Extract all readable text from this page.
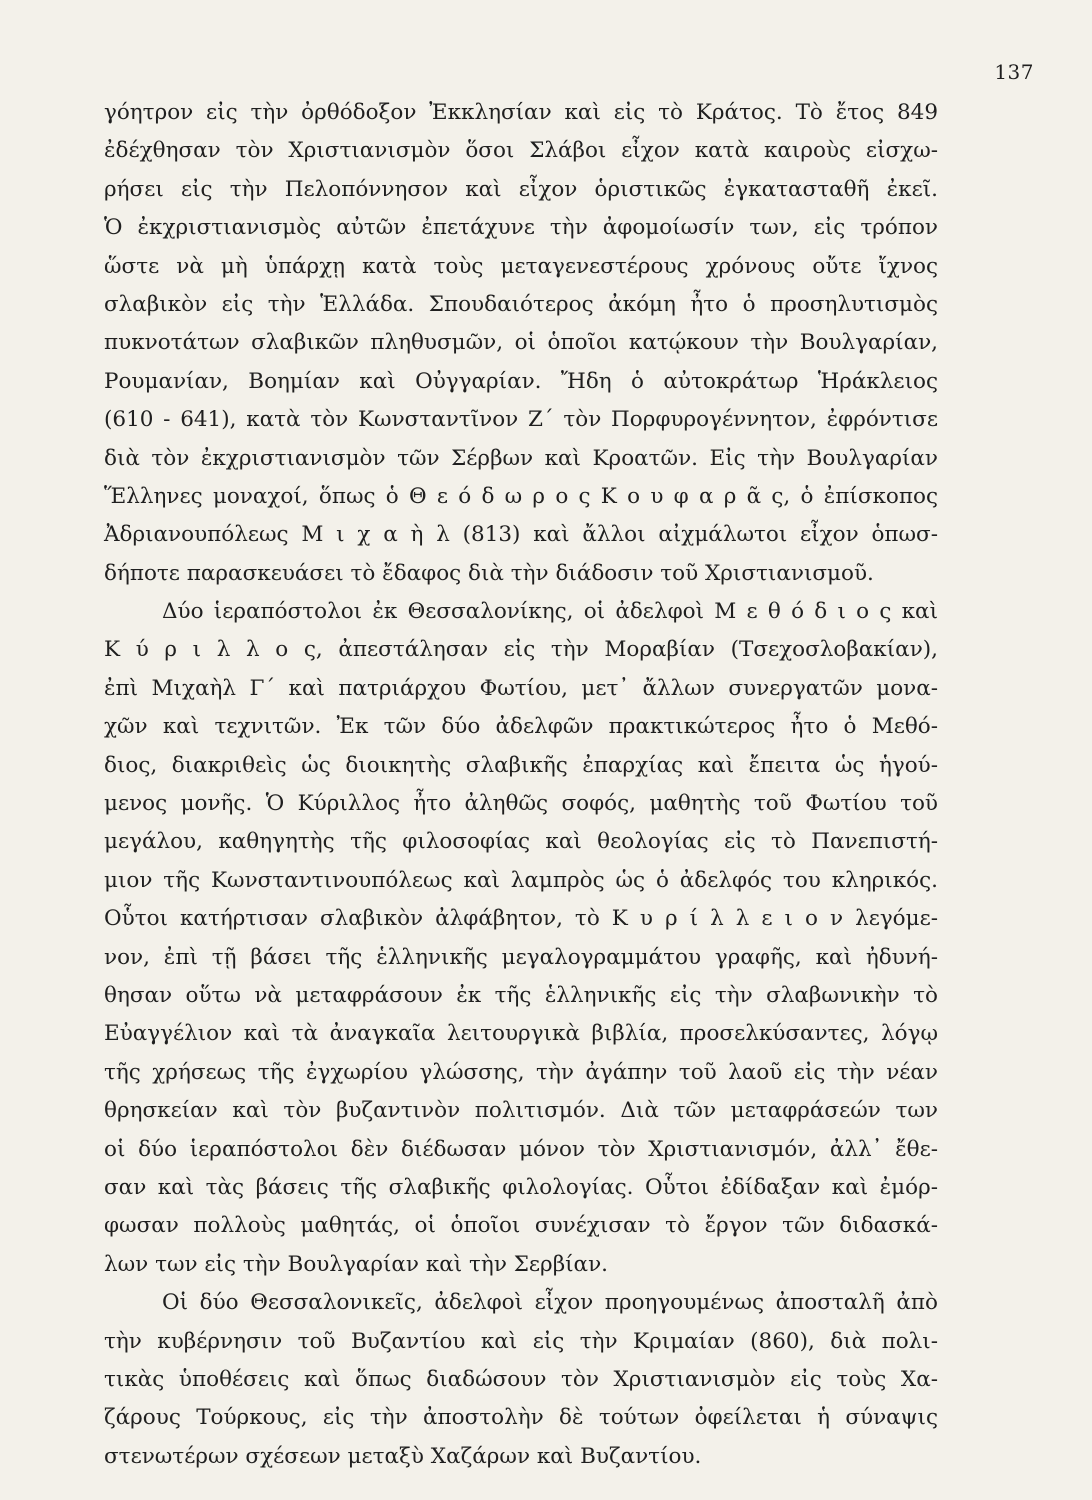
137
γόητρον εἰς τὴν ὀρθόδοξον Ἐκκλησίαν καὶ εἰς τὸ Κράτος. Τὸ ἔτος 849
ἐδέχθησαν τὸν Χριστιανισμὸν ὅσοι Σλάβοι εἶχον κατὰ καιροὺς εἰσχω-
ρήσει εἰς τὴν Πελοπόννησον καὶ εἶχον ὁριστικῶς ἐγκατασταθῆ ἐκεῖ.
Ὁ ἐκχριστιανισμὸς αὐτῶν ἐπετάχυνε τὴν ἀφομοίωσίν των, εἰς τρόπον
ὥστε νὰ μὴ ὑπάρχῃ κατὰ τοὺς μεταγενεστέρους χρόνους οὔτε ἴχνος
σλαβικὸν εἰς τὴν Ἑλλάδα. Σπουδαιότερος ἀκόμη ἦτο ὁ προσηλυτισμὸς
πυκνοτάτων σλαβικῶν πληθυσμῶν, οἱ ὁποῖοι κατῴκουν τὴν Βουλγαρίαν,
Ρουμανίαν, Βοημίαν καὶ Οὐγγαρίαν. Ἤδη ὁ αὐτοκράτωρ Ἡράκλειος
(610 - 641), κατὰ τὸν Κωνσταντῖνον Ζ΄ τὸν Πορφυρογέννητον, ἐφρόντισε
διὰ τὸν ἐκχριστιανισμὸν τῶν Σέρβων καὶ Κροατῶν. Εἰς τὴν Βουλγαρίαν
Ἕλληνες μοναχοί, ὅπως ὁ Θ ε ό δ ω ρ ο ς Κ ο υ φ α ρ ᾶ ς, ὁ ἐπίσκοπος
Ἀδριανουπόλεως Μ ι χ α ὴ λ (813) καὶ ἄλλοι αἰχμάλωτοι εἶχον ὁπωσ-
δήποτε παρασκευάσει τὸ ἔδαφος διὰ τὴν διάδοσιν τοῦ Χριστιανισμοῦ.
Δύο ἱεραπόστολοι ἐκ Θεσσαλονίκης, οἱ ἀδελφοὶ Μ ε θ ό δ ι ο ς καὶ
Κ ύ ρ ι λ λ ο ς, ἀπεστάλησαν εἰς τὴν Μοραβίαν (Τσεχοσλοβακίαν),
ἐπὶ Μιχαὴλ Γ΄ καὶ πατριάρχου Φωτίου, μετ᾿ ἄλλων συνεργατῶν μονα-
χῶν καὶ τεχνιτῶν. Ἐκ τῶν δύο ἀδελφῶν πρακτικώτερος ἦτο ὁ Μεθό-
διος, διακριθεὶς ὡς διοικητὴς σλαβικῆς ἐπαρχίας καὶ ἔπειτα ὡς ἡγού-
μενος μονῆς. Ὁ Κύριλλος ἦτο ἀληθῶς σοφός, μαθητὴς τοῦ Φωτίου τοῦ
μεγάλου, καθηγητὴς τῆς φιλοσοφίας καὶ θεολογίας εἰς τὸ Πανεπιστή-
μιον τῆς Κωνσταντινουπόλεως καὶ λαμπρὸς ὡς ὁ ἀδελφός του κληρικός.
Οὗτοι κατήρτισαν σλαβικὸν ἀλφάβητον, τὸ Κ υ ρ ί λ λ ε ι ο ν λεγόμε-
νον, ἐπὶ τῇ βάσει τῆς ἑλληνικῆς μεγαλογραμμάτου γραφῆς, καὶ ἠδυνή-
θησαν οὕτω νὰ μεταφράσουν ἐκ τῆς ἑλληνικῆς εἰς τὴν σλαβωνικὴν τὸ
Εὐαγγέλιον καὶ τὰ ἀναγκαῖα λειτουργικὰ βιβλία, προσελκύσαντες, λόγῳ
τῆς χρήσεως τῆς ἐγχωρίου γλώσσης, τὴν ἀγάπην τοῦ λαοῦ εἰς τὴν νέαν
θρησκείαν καὶ τὸν βυζαντινὸν πολιτισμόν. Διὰ τῶν μεταφράσεών των
οἱ δύο ἱεραπόστολοι δὲν διέδωσαν μόνον τὸν Χριστιανισμόν, ἀλλ᾿ ἔθε-
σαν καὶ τὰς βάσεις τῆς σλαβικῆς φιλολογίας. Οὗτοι ἐδίδαξαν καὶ ἐμόρ-
φωσαν πολλοὺς μαθητάς, οἱ ὁποῖοι συνέχισαν τὸ ἔργον τῶν διδασκά-
λων των εἰς τὴν Βουλγαρίαν καὶ τὴν Σερβίαν.
Οἱ δύο Θεσσαλονικεῖς, ἀδελφοὶ εἶχον προηγουμένως ἀποσταλῆ ἀπὸ
τὴν κυβέρνησιν τοῦ Βυζαντίου καὶ εἰς τὴν Κριμαίαν (860), διὰ πολι-
τικὰς ὑποθέσεις καὶ ὅπως διαδώσουν τὸν Χριστιανισμὸν εἰς τοὺς Χα-
ζάρους Τούρκους, εἰς τὴν ἀποστολὴν δὲ τούτων ὀφείλεται ἡ σύναψις
στενωτέρων σχέσεων μεταξὺ Χαζάρων καὶ Βυζαντίου.
